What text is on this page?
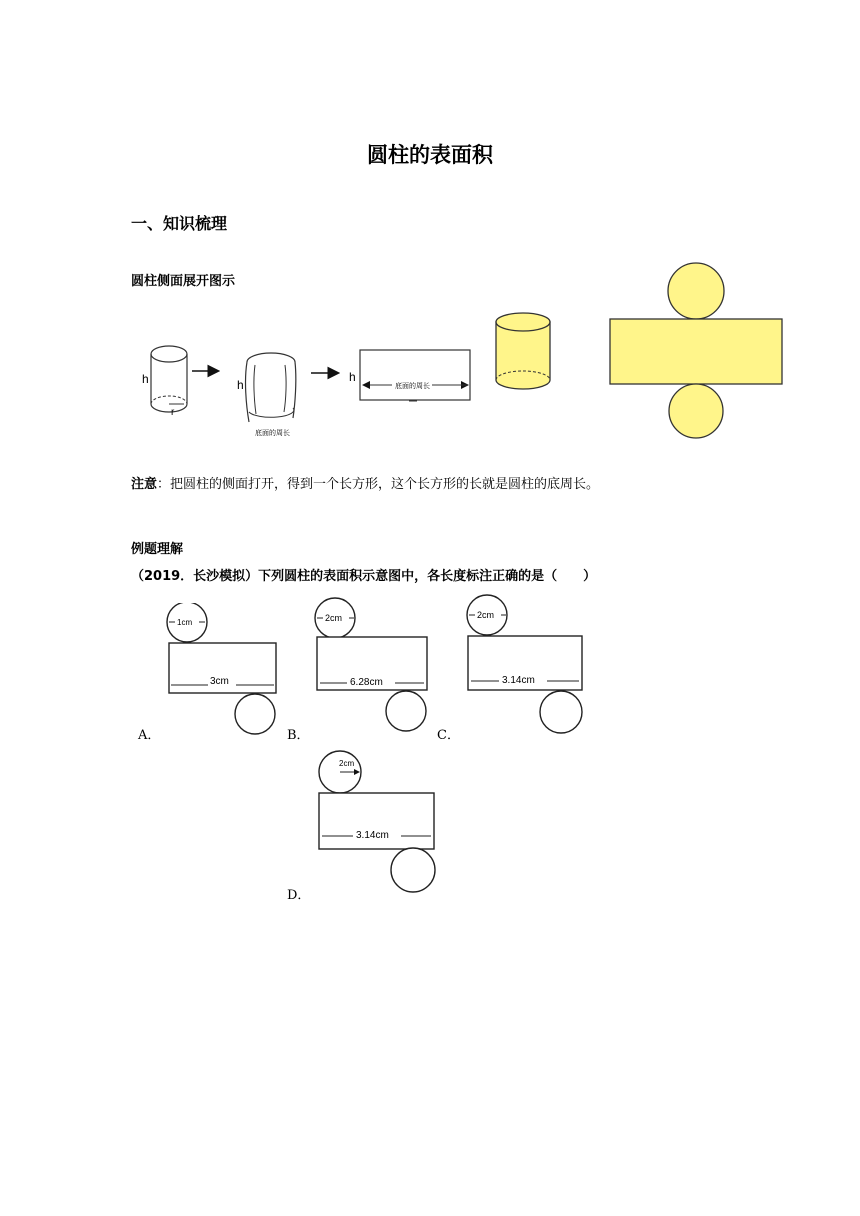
圆柱的表面积
一、知识梳理
圆柱侧面展开图示
h
r
h
底面的周长
底面的周长
h
注意：把圆柱的侧面打开，得到一个长方形，这个长方形的长就是圆柱的底周长。
例题理解
（2019．长沙模拟）下列圆柱的表面积示意图中，各长度标注正确的是（　　）
1cm
3cm
A．
2cm
6.28cm
B．
2cm
3.14cm
C．
2cm
3.14cm
D．
